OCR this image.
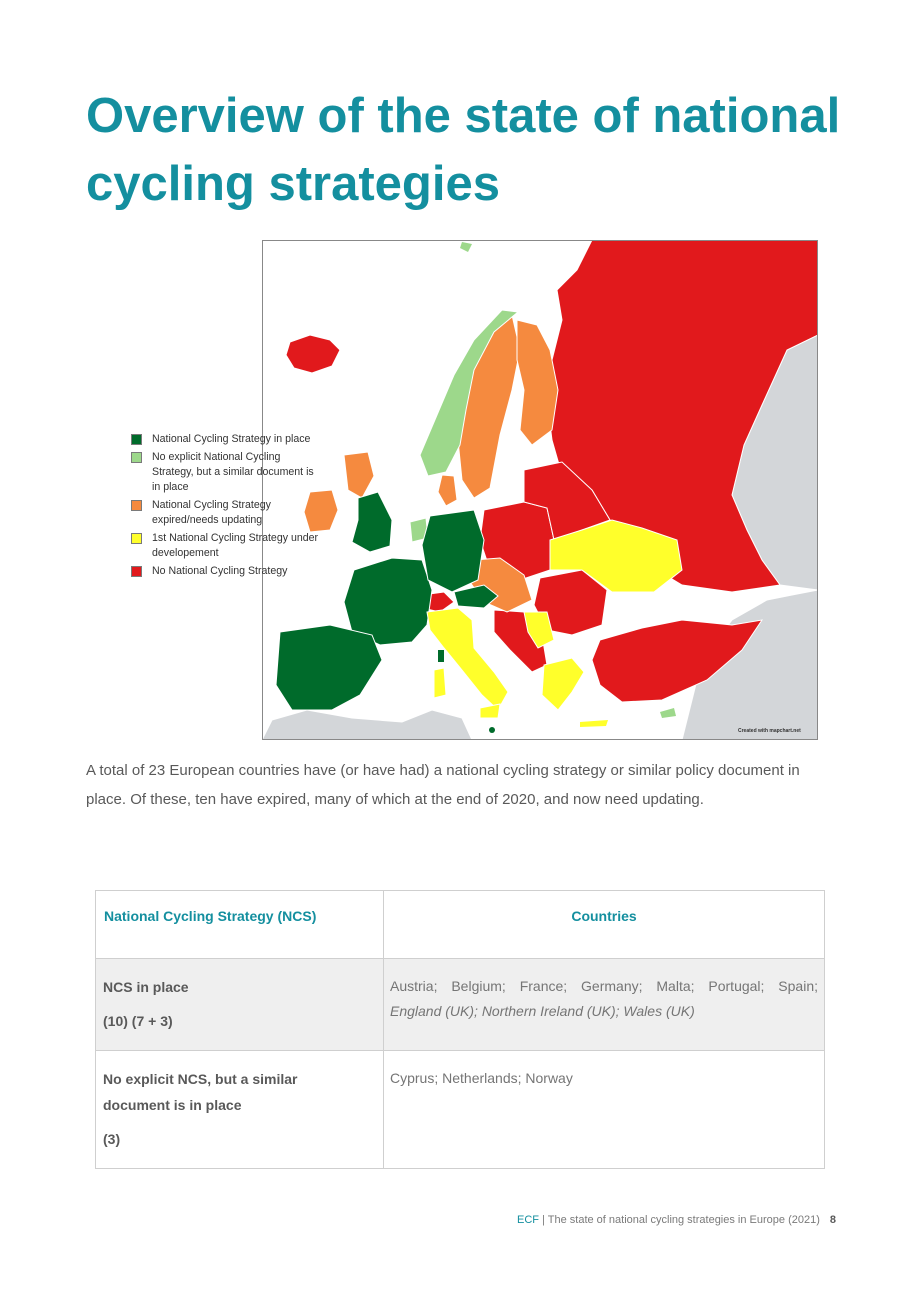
Overview of the state of national
cycling strategies
National Cycling Strategy in place
No explicit National Cycling Strategy, but a similar document is in place
National Cycling Strategy expired/needs updating
1st National Cycling Strategy under developement
No National Cycling Strategy
Created with mapchart.net

A total of 23 European countries have (or have had) a national cycling strategy or similar policy document in place. Of these, ten have expired, many of which at the end of 2020, and now need updating.

National Cycling Strategy (NCS)	Countries

NCS in place
(10) (7 + 3)	Austria; Belgium; France; Germany; Malta; Portugal; Spain;
England (UK); Northern Ireland (UK); Wales (UK)

No explicit NCS, but a similar
document is in place
(3)	Cyprus; Netherlands; Norway
ECF | The state of national cycling strategies in Europe (2021) 8
